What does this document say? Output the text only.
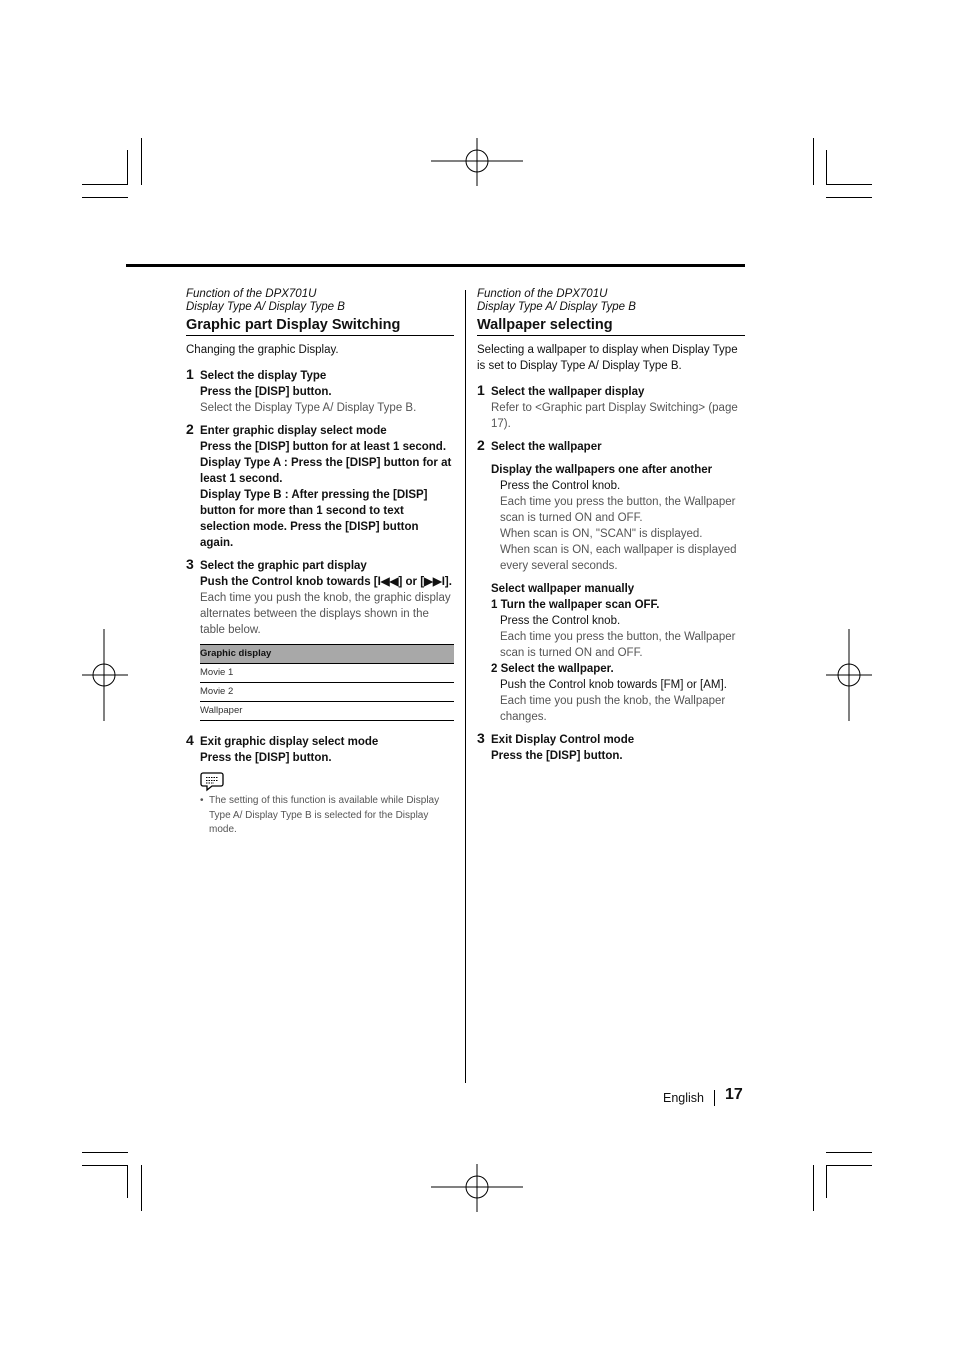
Function of the DPX701U

Display Type A/ Display Type B

Graphic part Display Switching

Changing the graphic Display.

1 Select the display Type

Press the [DISP] button.

Select the Display Type A/ Display Type B.

2 Enter graphic display select mode

Press the [DISP] button for at least 1 second.

Display Type A : Press the [DISP] button for at least 1 second.

Display Type B : After pressing the [DISP] button for more than 1 second to text selection mode. Press the [DISP] button again.

3 Select the graphic part display

Push the Control knob towards [I◀◀] or [▶▶I].

Each time you push the knob, the graphic display alternates between the displays shown in the table below.

Graphic display
Movie 1
Movie 2
Wallpaper
4 Exit graphic display select mode

Press the [DISP] button.

• The setting of this function is available while Display Type A/ Display Type B is selected for the Display mode.

Function of the DPX701U

Display Type A/ Display Type B

Wallpaper selecting

Selecting a wallpaper to display when Display Type is set to Display Type A/ Display Type B.

1 Select the wallpaper display

Refer to <Graphic part Display Switching> (page 17).

2 Select the wallpaper

Display the wallpapers one after another

Press the Control knob.

Each time you press the button, the Wallpaper scan is turned ON and OFF.

When scan is ON, "SCAN" is displayed.

When scan is ON, each wallpaper is displayed every several seconds.

Select wallpaper manually

1 Turn the wallpaper scan OFF.

Press the Control knob.

Each time you press the button, the Wallpaper scan is turned ON and OFF.

2 Select the wallpaper.

Push the Control knob towards [FM] or [AM].

Each time you push the knob, the Wallpaper changes.

3 Exit Display Control mode

Press the [DISP] button.

English 17
